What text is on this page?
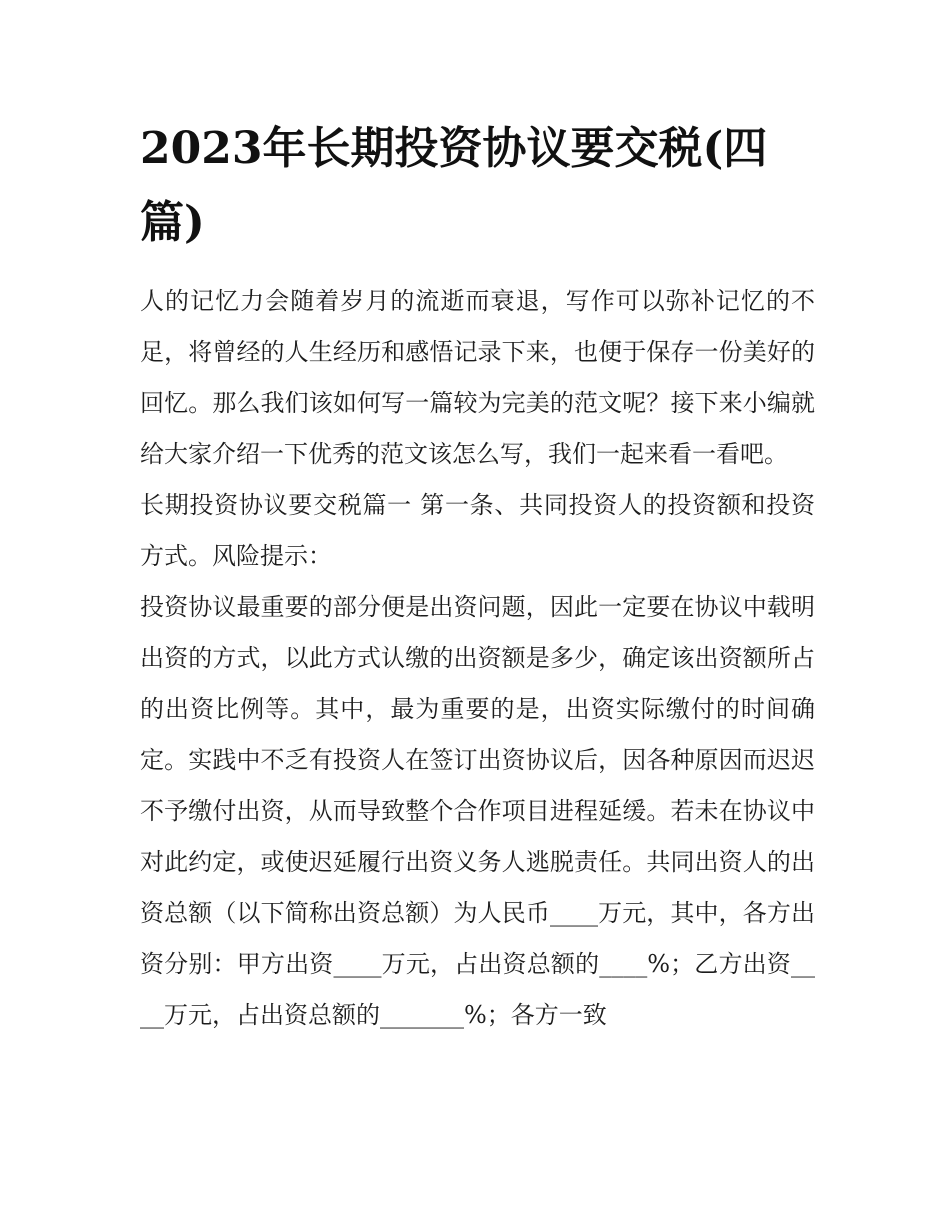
2023年长期投资协议要交税(四篇)

人的记忆力会随着岁月的流逝而衰退，写作可以弥补记忆的不足，将曾经的人生经历和感悟记录下来，也便于保存一份美好的回忆。那么我们该如何写一篇较为完美的范文呢？接下来小编就给大家介绍一下优秀的范文该怎么写，我们一起来看一看吧。

长期投资协议要交税篇一 第一条、共同投资人的投资额和投资方式。风险提示：

投资协议最重要的部分便是出资问题，因此一定要在协议中载明出资的方式，以此方式认缴的出资额是多少，确定该出资额所占的出资比例等。其中，最为重要的是，出资实际缴付的时间确定。实践中不乏有投资人在签订出资协议后，因各种原因而迟迟不予缴付出资，从而导致整个合作项目进程延缓。若未在协议中对此约定，或使迟延履行出资义务人逃脱责任。共同出资人的出资总额（以下简称出资总额）为人民币____万元，其中，各方出资分别：甲方出资____万元，占出资总额的____%；乙方出资____万元，占出资总额的_______%；各方一致
